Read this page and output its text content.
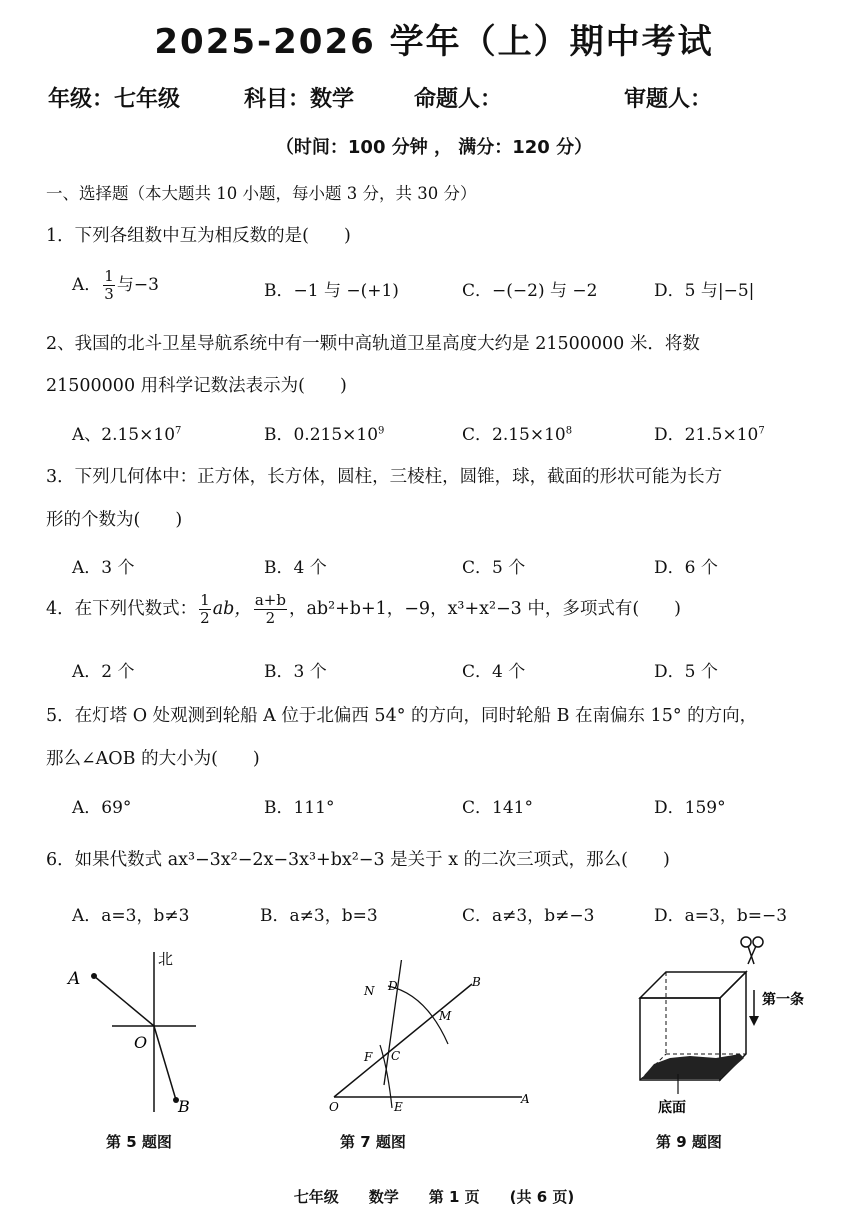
2025-2026 学年（上）期中考试
年级：七年级	科目：数学	命题人：	审题人：
（时间：100 分钟 ， 满分：120 分）
一、选择题（本大题共 10 小题，每小题 3 分，共 30 分）
1．下列各组数中互为相反数的是(　　)
A． $\frac{1}{3}$ 与−3	B．−1 与 −(+1)	C．−(−2) 与 −2	D．5 与|−5|
2、我国的北斗卫星导航系统中有一颗中高轨道卫星高度大约是 21500000 米．将数
21500000 用科学记数法表示为(　　)
A、$2.15\times 10^7$	B．$0.215\times 10^9$	C．$2.15\times 10^8$	D．$21.5\times 10^7$
3．下列几何体中：正方体，长方体，圆柱，三棱柱，圆锥，球，截面的形状可能为长方
形的个数为(　　)
A．3 个	B．4 个	C．5 个	D．6 个
4．在下列代数式： $\frac{1}{2}$ ab， $\frac{a+b}{2}$ ，ab²+b+1，−9，x³+x²−3 中，多项式有(　　)
A．2 个	B．3 个	C．4 个	D．5 个
5．在灯塔 O 处观测到轮船 A 位于北偏西 54° 的方向，同时轮船 B 在南偏东 15° 的方向，
那么∠AOB 的大小为(　　)
A．69°	B．111°	C．141°	D．159°
6．如果代数式 ax³−3x²−2x−3x³+bx²−3 是关于 x 的二次三项式，那么(　　)
A．a=3，b≠3	B．a≠3，b=3	C．a≠3，b≠−3	D．a=3，b=−3
北
A
O
B
第 5 题图
N D	B
M
F C
O	E
A
第 7 题图
第一条
底面
第 9 题图
七年级　　数学　　第 1 页　　(共 6 页)
